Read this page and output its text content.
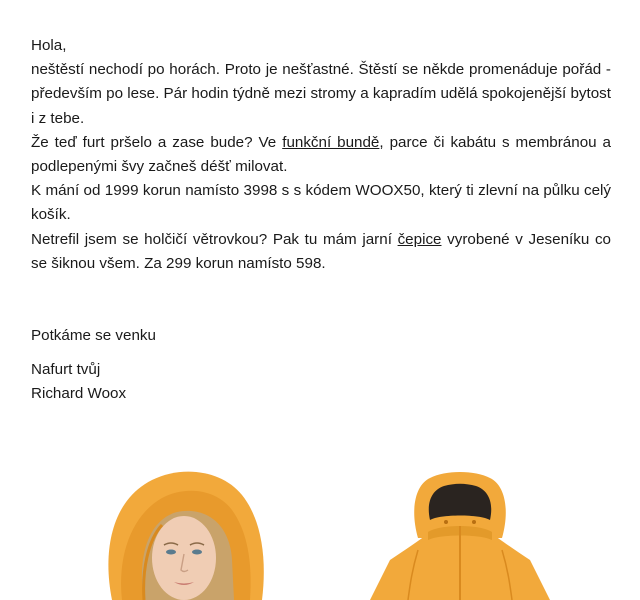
Hola,

neštěstí nechodí po horách. Proto je nešťastné. Štěstí se někde promenáduje pořád - především po lese. Pár hodin týdně mezi stromy a kapradím udělá spokojenější bytost i z tebe.

Že teď furt pršelo a zase bude? Ve funkční bundě, parce či kabátu s membránou a podlepenými švy začneš déšť milovat.

K mání od 1999 korun namísto 3998 s s kódem WOOX50, který ti zlevní na půlku celý košík.

Netrefil jsem se holčičí větrovkou? Pak tu mám jarní čepice vyrobené v Jeseníku co se šiknou všem. Za 299 korun namísto 598.

Potkáme se venku

Nafurt tvůj

Richard Woox
